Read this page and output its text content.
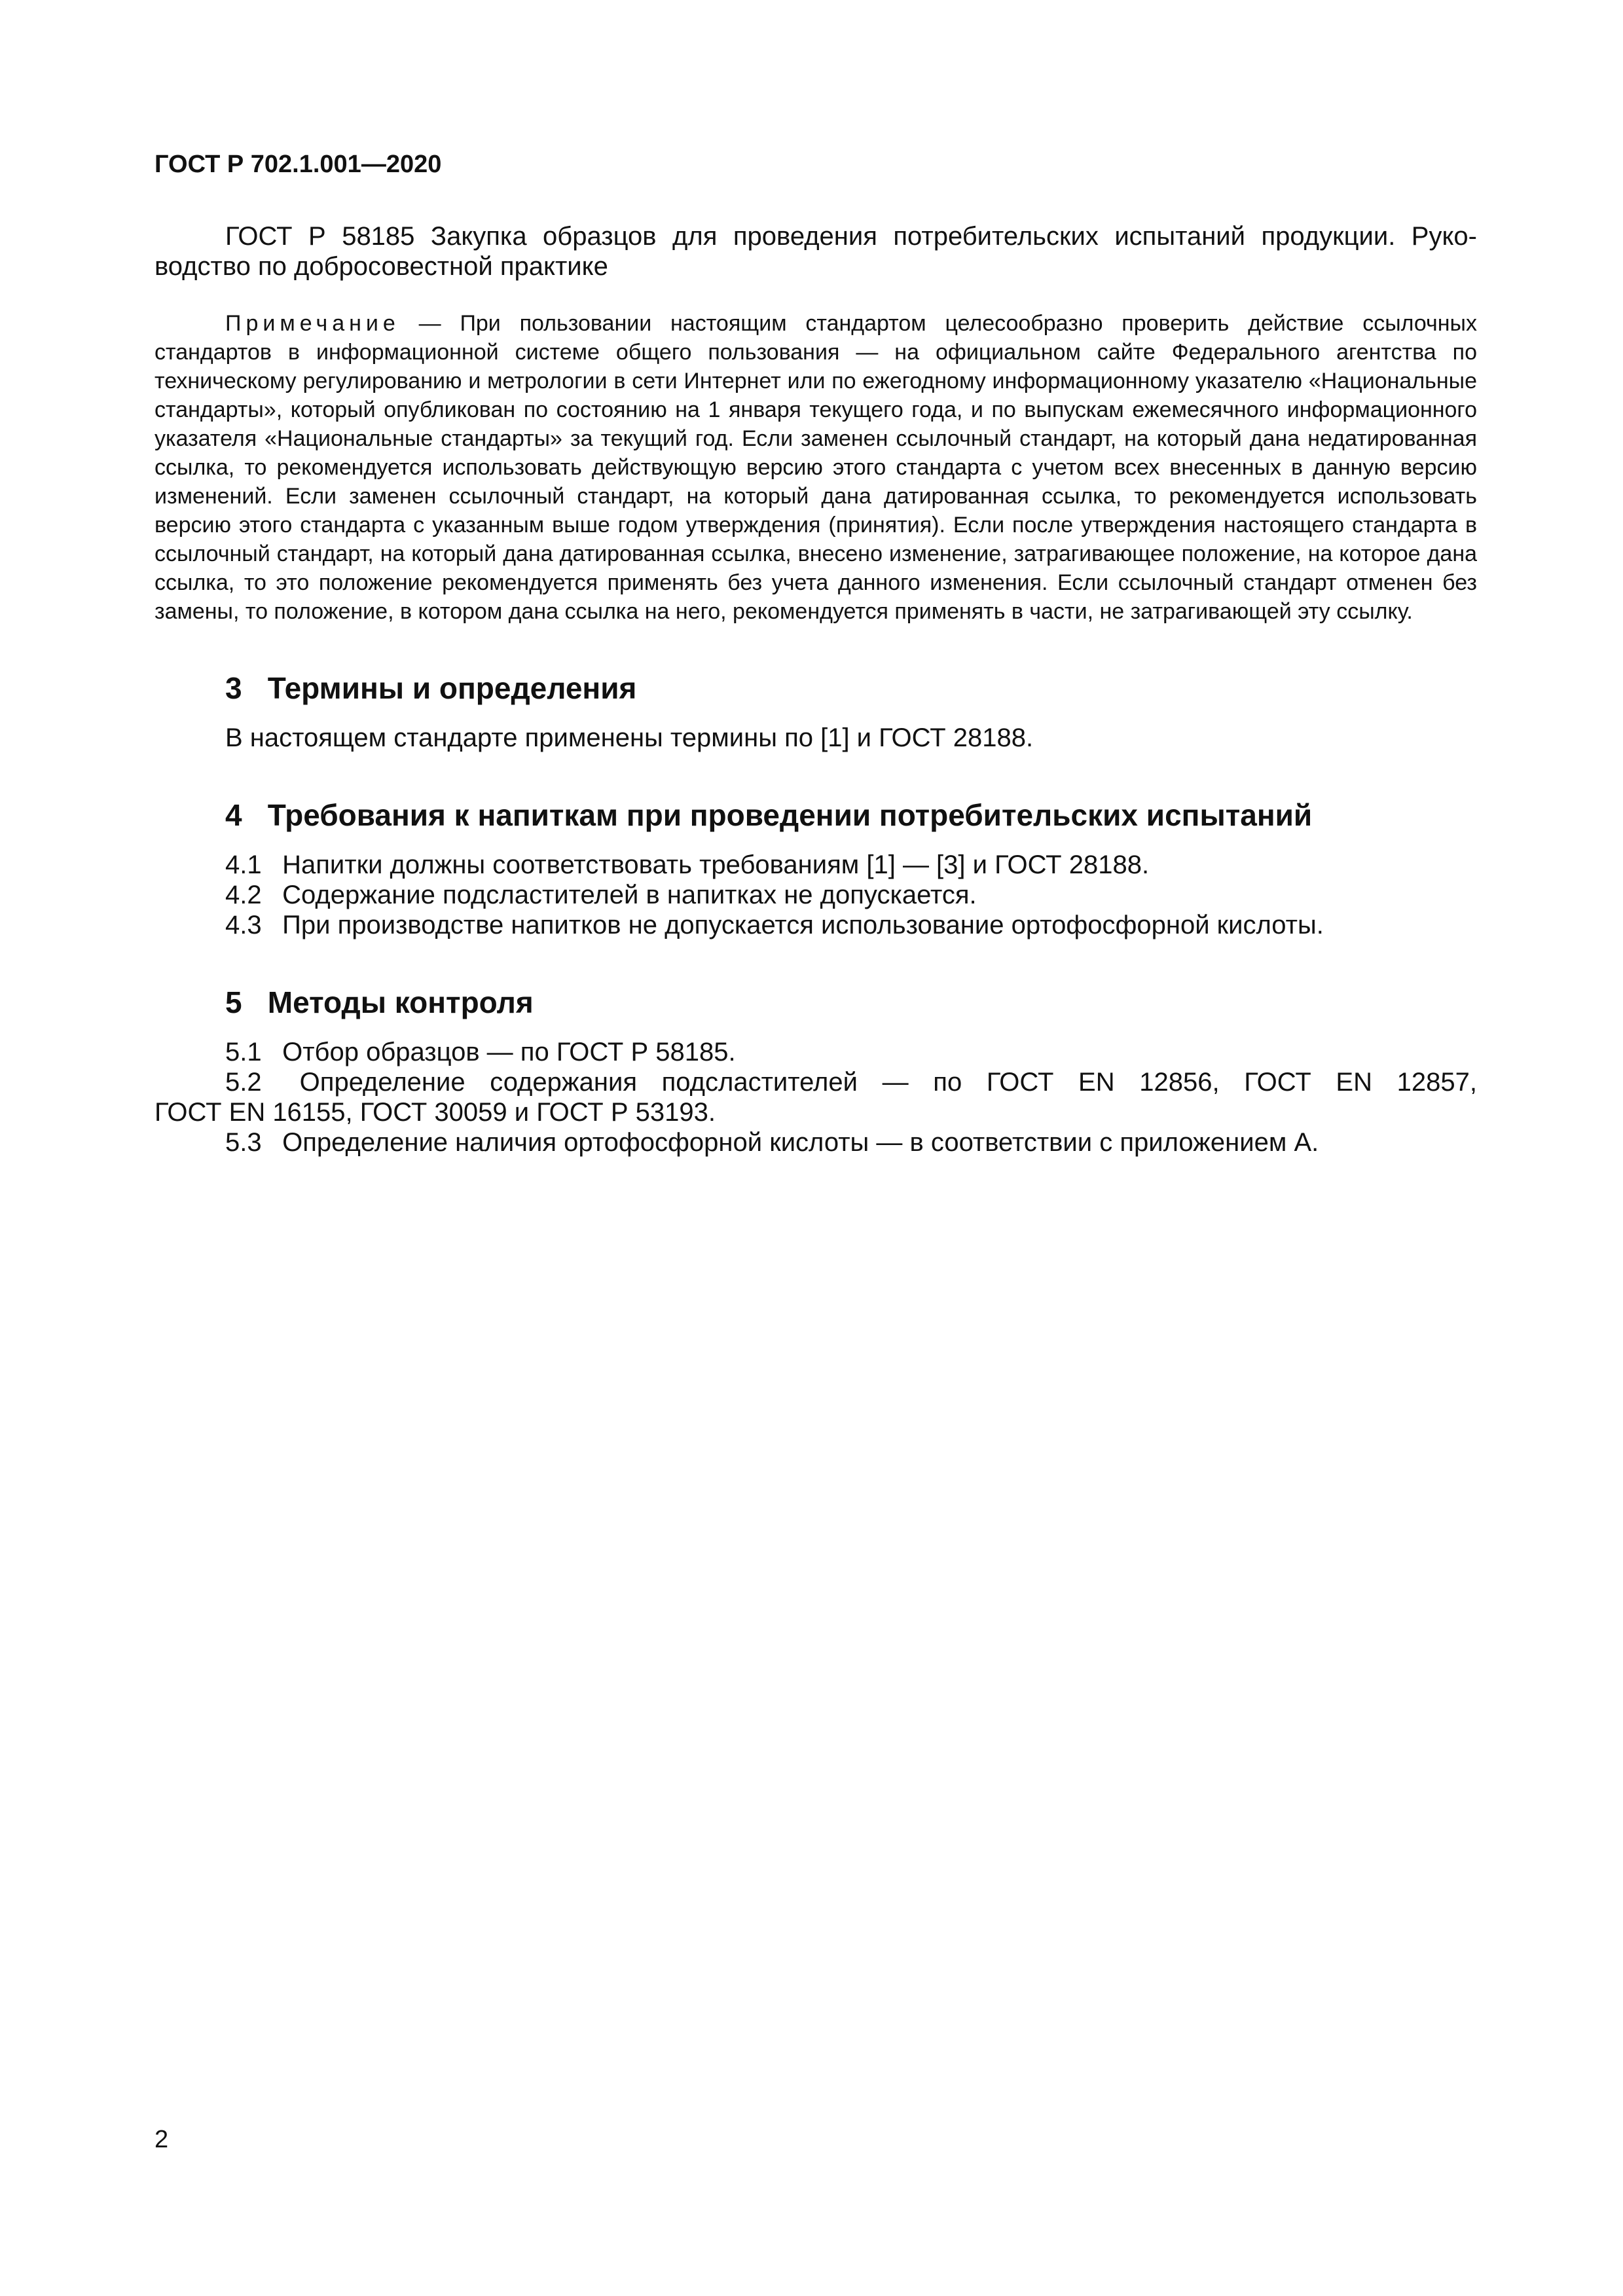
ГОСТ Р 702.1.001—2020

ГОСТ Р 58185 Закупка образцов для проведения потребительских испытаний продукции. Руко-

водство по добросовестной практике

Примечание — При пользовании настоящим стандартом целесообразно проверить действие ссылочных стандартов в информационной системе общего пользования — на официальном сайте Федерального агентства по техническому регулированию и метрологии в сети Интернет или по ежегодному информационному указателю «Национальные стандарты», который опубликован по состоянию на 1 января текущего года, и по выпускам ежемесячного информационного указателя «Национальные стандарты» за текущий год. Если заменен ссылочный стандарт, на который дана недатированная ссылка, то рекомендуется использовать действующую версию этого стандарта с учетом всех внесенных в данную версию изменений. Если заменен ссылочный стандарт, на который дана датированная ссылка, то рекомендуется использовать версию этого стандарта с указанным выше годом утверждения (принятия). Если после утверждения настоящего стандарта в ссылочный стандарт, на который дана датированная ссылка, внесено изменение, затрагивающее положение, на которое дана ссылка, то это положение рекомендуется применять без учета данного изменения. Если ссылочный стандарт отменен без замены, то положение, в котором дана ссылка на него, рекомендуется применять в части, не затрагивающей эту ссылку.
3 Термины и определения

В настоящем стандарте применены термины по [1] и ГОСТ 28188.

4 Требования к напиткам при проведении потребительских испытаний

4.1 Напитки должны соответствовать требованиям [1] — [3] и ГОСТ 28188.

4.2 Содержание подсластителей в напитках не допускается.

4.3 При производстве напитков не допускается использование ортофосфорной кислоты.

5 Методы контроля

5.1 Отбор образцов — по ГОСТ Р 58185.

5.2 Определение содержания подсластителей — по ГОСТ EN 12856, ГОСТ EN 12857,

ГОСТ EN 16155, ГОСТ 30059 и ГОСТ Р 53193.

5.3 Определение наличия ортофосфорной кислоты — в соответствии с приложением А.

2
